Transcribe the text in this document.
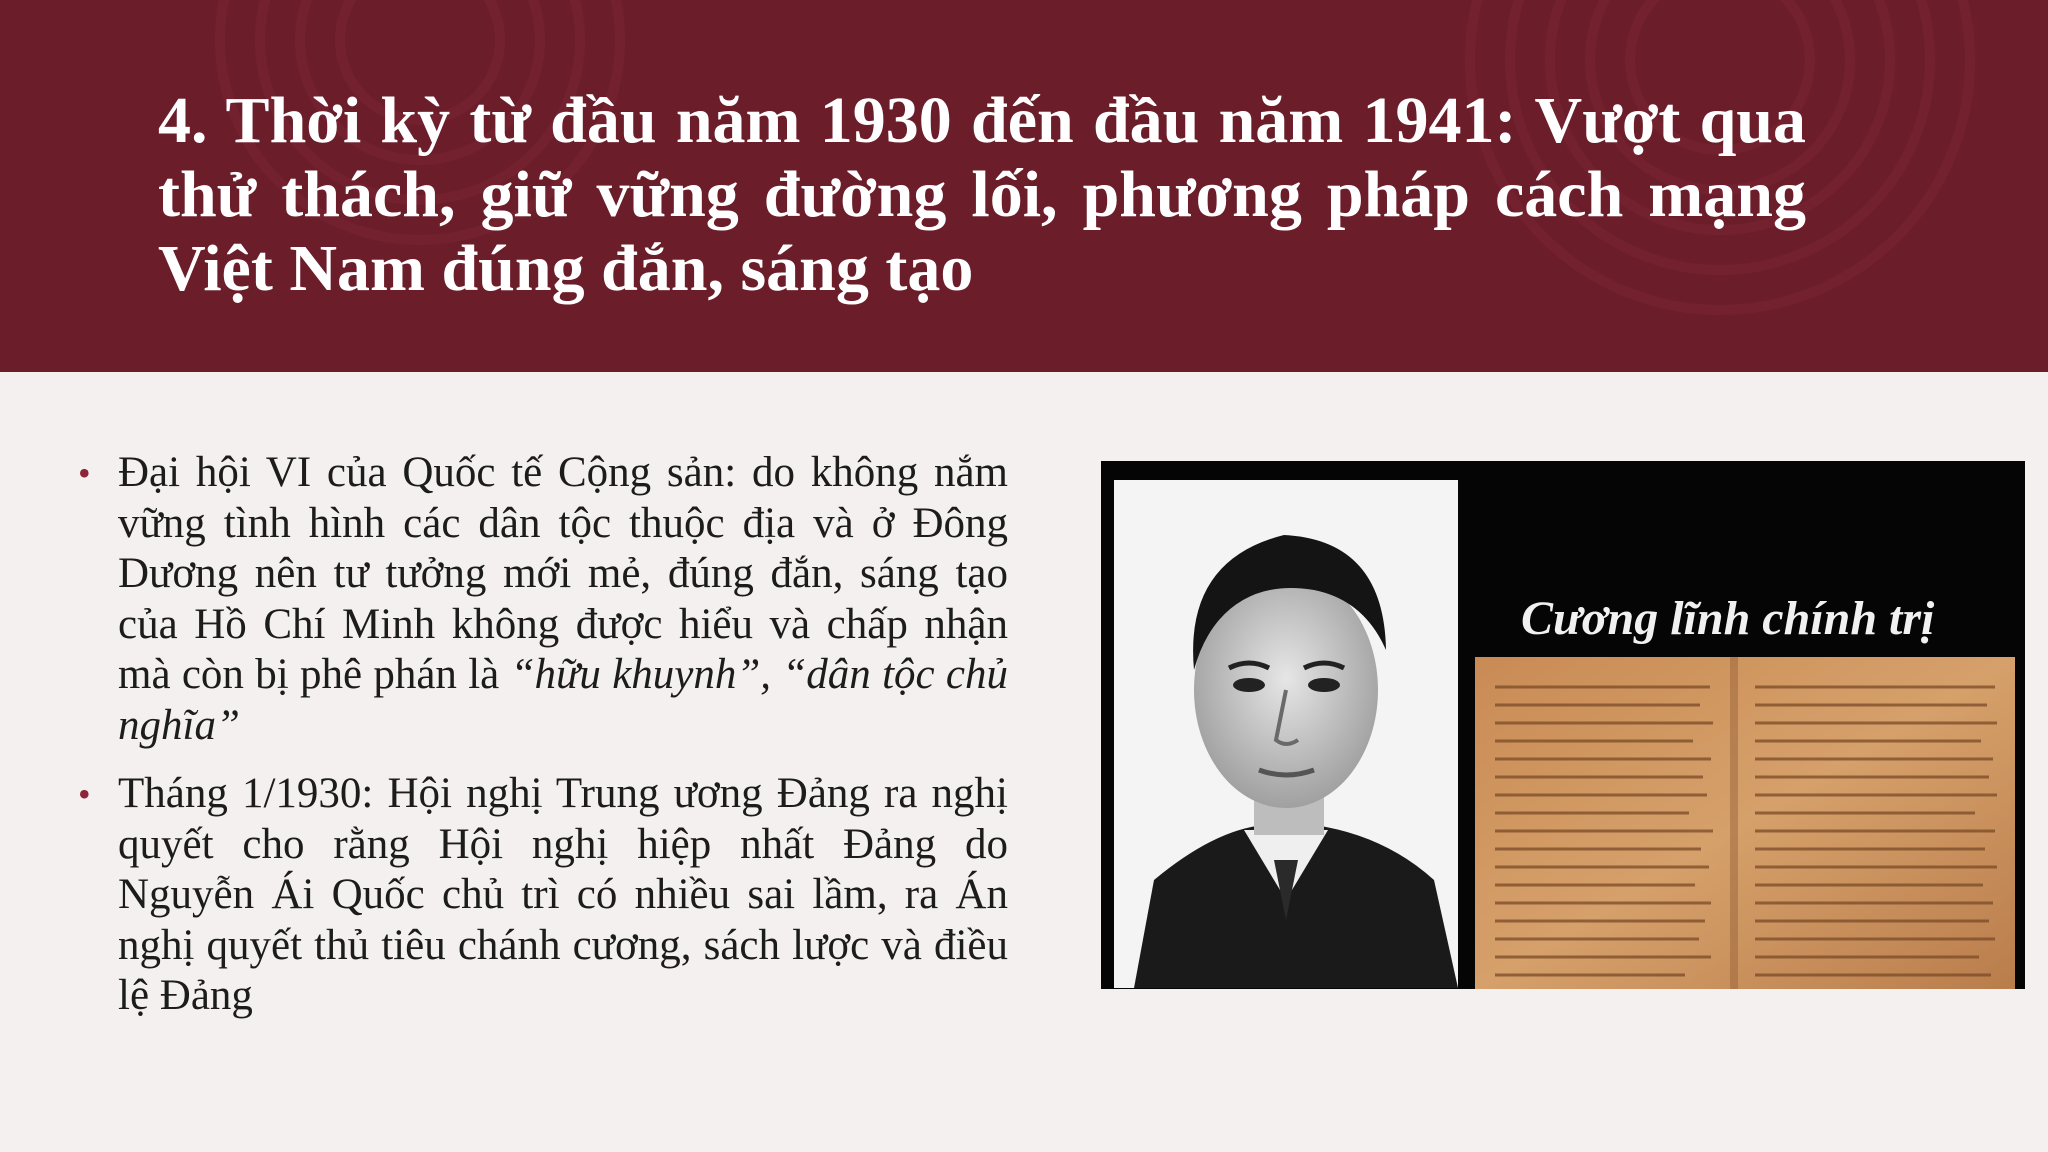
4. Thời kỳ từ đầu năm 1930 đến đầu năm 1941: Vượt qua thử thách, giữ vững đường lối, phương pháp cách mạng Việt Nam đúng đắn, sáng tạo
• Đại hội VI của Quốc tế Cộng sản: do không nắm vững tình hình các dân tộc thuộc địa và ở Đông Dương nên tư tưởng mới mẻ, đúng đắn, sáng tạo của Hồ Chí Minh không được hiểu và chấp nhận mà còn bị phê phán là “hữu khuynh”, “dân tộc chủ nghĩa”
• Tháng 1/1930: Hội nghị Trung ương Đảng ra nghị quyết cho rằng Hội nghị hiệp nhất Đảng do Nguyễn Ái Quốc chủ trì có nhiều sai lầm, ra Án nghị quyết thủ tiêu chánh cương, sách lược và điều lệ Đảng
Cương lĩnh chính trị
